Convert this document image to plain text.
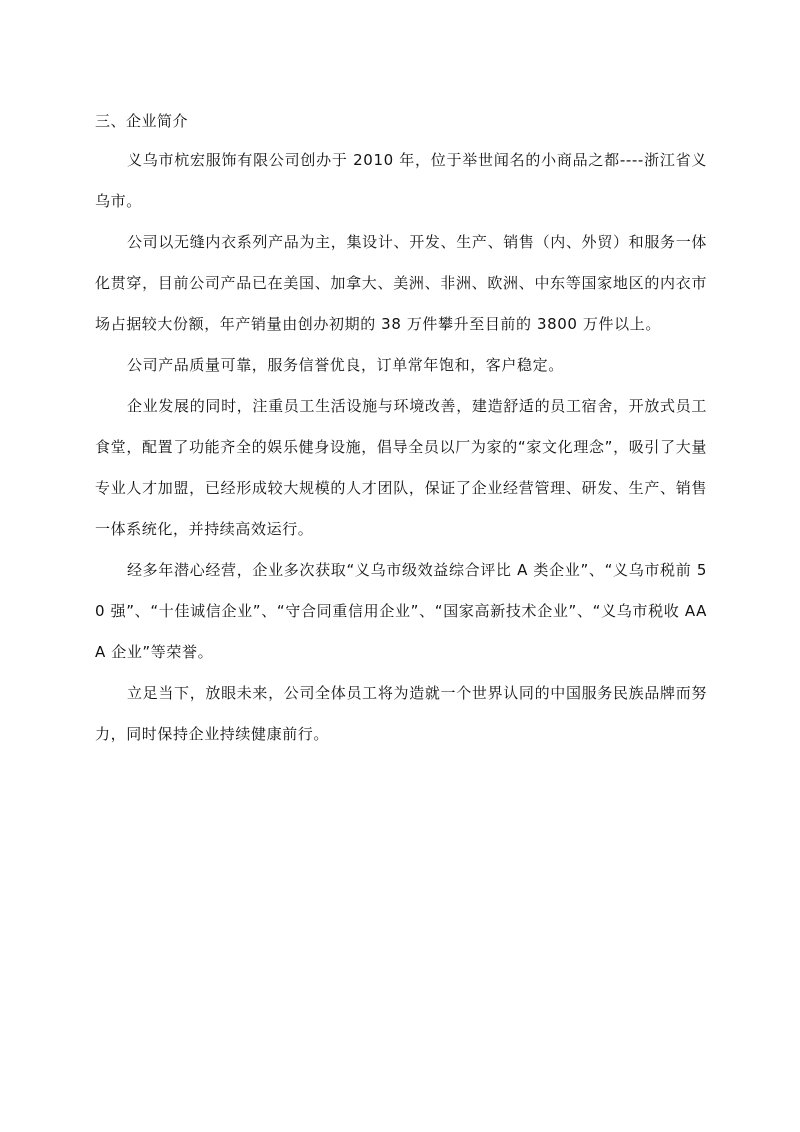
三、企业简介

义乌市杭宏服饰有限公司创办于 2010 年，位于举世闻名的小商品之都----浙江省义乌市。

公司以无缝内衣系列产品为主，集设计、开发、生产、销售（内、外贸）和服务一体化贯穿，目前公司产品已在美国、加拿大、美洲、非洲、欧洲、中东等国家地区的内衣市场占据较大份额，年产销量由创办初期的 38 万件攀升至目前的 3800 万件以上。

公司产品质量可靠，服务信誉优良，订单常年饱和，客户稳定。

企业发展的同时，注重员工生活设施与环境改善，建造舒适的员工宿舍，开放式员工食堂，配置了功能齐全的娱乐健身设施，倡导全员以厂为家的“家文化理念”，吸引了大量专业人才加盟，已经形成较大规模的人才团队，保证了企业经营管理、研发、生产、销售一体系统化，并持续高效运行。

经多年潜心经营，企业多次获取“义乌市级效益综合评比 A 类企业”、“义乌市税前 50 强”、“十佳诚信企业”、“守合同重信用企业”、“国家高新技术企业”、“义乌市税收 AAA 企业”等荣誉。

立足当下，放眼未来，公司全体员工将为造就一个世界认同的中国服务民族品牌而努力，同时保持企业持续健康前行。
